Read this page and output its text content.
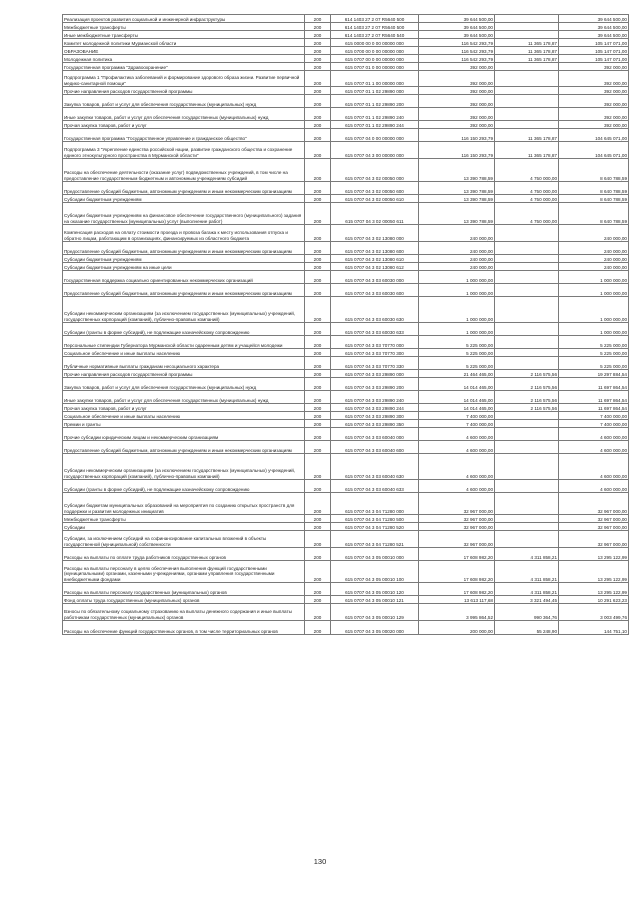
Реализация проектов развития социальной и инженерной инфраструктуры	200	614 1403 27 2 07 R5640 500	39 644 500,00		39 644 500,00
Межбюджетные трансферты	200	614 1403 27 2 07 R5640 500	39 644 500,00		39 644 500,00
Иные межбюджетные трансферты	200	614 1403 27 2 07 R5640 540	39 644 500,00		39 644 500,00
Комитет молодежной политики Мурманской области	200	615 0000 00 0 00 00000 000	116 542 293,79	11 365 178,87	105 147 071,00
ОБРАЗОВАНИЕ	200	615 0700 00 0 00 00000 000	116 542 293,79	11 365 178,87	105 147 071,00
Молодежная политика	200	615 0707 00 0 00 00000 000	116 542 293,79	11 365 178,87	105 147 071,00
Государственная программа "Здравоохранение"	200	615 0707 01 0 00 00000 000	392 000,00		392 000,00
Подпрограмма 1 "Профилактика заболеваний и формирование здорового образа жизни. Развитие первичной медико-санитарной помощи"	200	615 0707 01 1 00 00000 000	392 000,00		392 000,00
Прочие направления расходов государственной программы	200	615 0707 01 1 02 29890 000	392 000,00		392 000,00
Закупка товаров, работ и услуг для обеспечения государственных (муниципальных) нужд	200	615 0707 01 1 02 29890 200	392 000,00		392 000,00
Иные закупки товаров, работ и услуг для обеспечения государственных (муниципальных) нужд	200	615 0707 01 1 02 29890 240	392 000,00		392 000,00
Прочая закупка товаров, работ и услуг	200	615 0707 01 1 02 29890 244	392 000,00		392 000,00
Государственная программа "Государственное управление и гражданское общество"	200	615 0707 04 0 00 00000 000	116 150 293,79	11 365 178,87	104 645 071,00
Подпрограмма 3 "Укрепление единства российской нации, развитие гражданского общества и сохранение единого этнокультурного пространства в Мурманской области"	200	615 0707 04 3 00 00000 000	116 150 293,79	11 365 178,87	104 645 071,00
Расходы на обеспечение деятельности (оказание услуг) подведомственных учреждений, в том числе на предоставление государственным бюджетным и автономным учреждениям субсидий	200	615 0707 04 3 02 00050 000	13 390 788,59	4 750 000,00	8 640 788,59
Предоставление субсидий бюджетным, автономным учреждениям и иным некоммерческим организациям	200	615 0707 04 3 02 00050 600	13 390 788,59	4 750 000,00	8 640 788,59
Субсидии бюджетным учреждениям	200	615 0707 04 3 02 00050 610	13 390 788,59	4 750 000,00	8 640 788,59
Субсидии бюджетным учреждениям на финансовое обеспечение государственного (муниципального) задания на оказание государственных (муниципальных) услуг (выполнение работ)	200	615 0707 04 3 02 00050 611	13 390 788,59	4 750 000,00	8 640 788,59
Компенсация расходов на оплату стоимости проезда и провоза багажа к месту использования отпуска и обратно лицам, работающим в организациях, финансируемых из областного бюджета	200	615 0707 04 3 02 13080 000	240 000,00		240 000,00
Предоставление субсидий бюджетным, автономным учреждениям и иным некоммерческим организациям	200	615 0707 04 3 02 13080 600	240 000,00		240 000,00
Субсидии бюджетным учреждениям	200	615 0707 04 3 02 13080 610	240 000,00		240 000,00
Субсидии бюджетным учреждениям на иные цели	200	615 0707 04 3 02 13080 612	240 000,00		240 000,00
Государственная поддержка социально ориентированных некоммерческих организаций	200	615 0707 04 3 03 60030 000	1 000 000,00		1 000 000,00
Предоставление субсидий бюджетным, автономным учреждениям и иным некоммерческим организациям	200	615 0707 04 3 03 60030 600	1 000 000,00		1 000 000,00
Субсидии некоммерческим организациям (за исключением государственных (муниципальных) учреждений, государственных корпораций (компаний), публично-правовых компаний)	200	615 0707 04 3 03 60030 630	1 000 000,00		1 000 000,00
Субсидии (гранты в форме субсидий), не подлежащие казначейскому сопровождению	200	615 0707 04 3 03 60030 633	1 000 000,00		1 000 000,00
Персональные стипендии Губернатора Мурманской области одаренным детям и учащейся молодежи	200	615 0707 04 3 03 70770 000	5 225 000,00		5 225 000,00
Социальное обеспечение и иные выплаты населению	200	615 0707 04 3 03 70770 300	5 225 000,00		5 225 000,00
Публичные нормативные выплаты гражданам несоциального характера	200	615 0707 04 3 03 70770 330	5 225 000,00		5 225 000,00
Прочие направления расходов государственной программы	200	615 0707 04 3 03 29890 000	21 464 465,00	2 116 575,56	19 297 884,54
Закупка товаров, работ и услуг для обеспечения государственных (муниципальных) нужд	200	615 0707 04 3 03 29890 200	14 014 465,00	2 116 575,56	11 697 864,54
Иные закупки товаров, работ и услуг для обеспечения государственных (муниципальных) нужд	200	615 0707 04 3 03 29890 240	14 014 465,00	2 116 575,56	11 697 864,54
Прочая закупка товаров, работ и услуг	200	615 0707 04 3 03 29890 244	14 014 465,00	2 116 575,56	11 697 864,54
Социальное обеспечение и иные выплаты населению	200	615 0707 04 3 03 29890 300	7 400 000,00		7 400 000,00
Премии и гранты	200	615 0707 04 3 03 29890 350	7 400 000,00		7 400 000,00
Прочие субсидии юридическим лицам и некоммерческим организациям	200	615 0707 04 3 03 60040 000	4 600 000,00		4 600 000,00
Предоставление субсидий бюджетным, автономным учреждениям и иным некоммерческим организациям	200	615 0707 04 3 03 60040 600	4 600 000,00		4 600 000,00
Субсидии некоммерческим организациям (за исключением государственных (муниципальных) учреждений, государственных корпораций (компаний), публично-правовых компаний)	200	615 0707 04 3 03 60040 630	4 600 000,00		4 600 000,00
Субсидии (гранты в форме субсидий), не подлежащие казначейскому сопровождению	200	615 0707 04 3 03 60040 633	4 600 000,00		4 600 000,00
Субсидии бюджетам муниципальных образований на мероприятия по созданию открытых пространств для поддержки и развития молодежных инициатив	200	615 0707 04 3 04 71280 000	32 967 000,00		32 967 000,00
Межбюджетные трансферты	200	615 0707 04 3 04 71280 500	32 967 000,00		32 967 000,00
Субсидии	200	615 0707 04 3 04 71280 520	32 967 000,00		32 967 000,00
Субсидии, за исключением субсидий на софинансирование капитальных вложений в объекты государственной (муниципальной) собственности	200	615 0707 04 3 04 71280 521	32 967 000,00		32 967 000,00
Расходы на выплаты по оплате труда работников государственных органов	200	615 0707 04 3 05 00010 000	17 608 982,20	4 311 858,21	13 295 122,99
Расходы на выплаты персоналу в целях обеспечения выполнения функций государственными (муниципальными) органами, казенными учреждениями, органами управления государственными внебюджетными фондами	200	615 0707 04 3 05 00010 100	17 608 982,20	4 311 858,21	13 295 122,99
Расходы на выплаты персоналу государственных (муниципальных) органов	200	615 0707 04 3 05 00010 120	17 608 982,20	4 311 858,21	13 295 122,99
Фонд оплаты труда государственных (муниципальных) органов	200	615 0707 04 3 05 00010 121	13 613 117,68	3 321 494,45	10 291 623,23
Взносы по обязательному социальному страхованию на выплаты денежного содержания и иные выплаты работникам государственных (муниципальных) органов	200	615 0707 04 3 05 00010 129	3 995 864,52	990 364,76	3 003 499,76
Расходы на обеспечение функций государственных органов, в том числе территориальных органов	200	615 0707 04 3 05 00020 000	200 000,00	55 248,90	144 751,10
130
